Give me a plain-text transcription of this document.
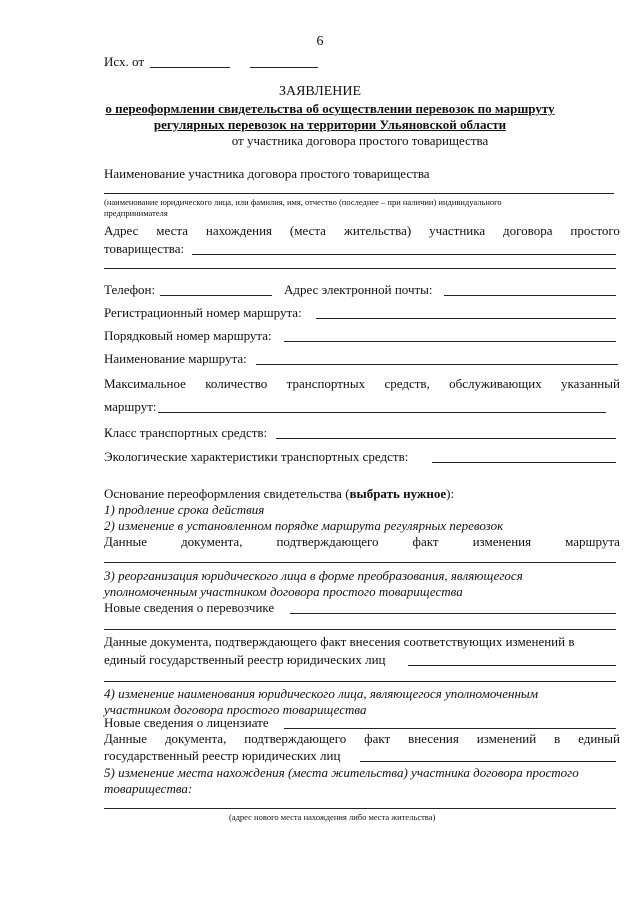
6
Исх. от
ЗАЯВЛЕНИЕ
о переоформлении свидетельства об осуществлении перевозок по маршруту
регулярных перевозок на территории Ульяновской области
от участника договора простого товарищества
Наименование участника договора простого товарищества
(наименование юридического лица, или фамилия, имя, отчество (последнее – при наличии) индивидуального
предпринимателя
Адрес места нахождения (места жительства) участника договора простого
товарищества:
Телефон:	Адрес электронной почты:
Регистрационный номер маршрута:
Порядковый номер маршрута:
Наименование маршрута:
Максимальное количество транспортных средств, обслуживающих указанный
маршрут:
Класс транспортных средств:
Экологические характеристики транспортных средств:
Основание переоформления свидетельства (выбрать нужное):
1) продление срока действия
2) изменение в установленном порядке маршрута регулярных перевозок
Данные	документа,	подтверждающего	факт	изменения	маршрута
3) реорганизация юридического лица в форме преобразования, являющегося
уполномоченным участником договора простого товарищества
Новые сведения о перевозчике
Данные документа, подтверждающего факт внесения соответствующих изменений в
единый государственный реестр юридических лиц
4) изменение наименования юридического лица, являющегося уполномоченным
участником договора простого товарищества
Новые сведения о лицензиате
Данные документа, подтверждающего факт внесения изменений в единый
государственный реестр юридических лиц
5) изменение места нахождения (места жительства) участника договора простого
товарищества:
(адрес нового места нахождения либо места жительства)
